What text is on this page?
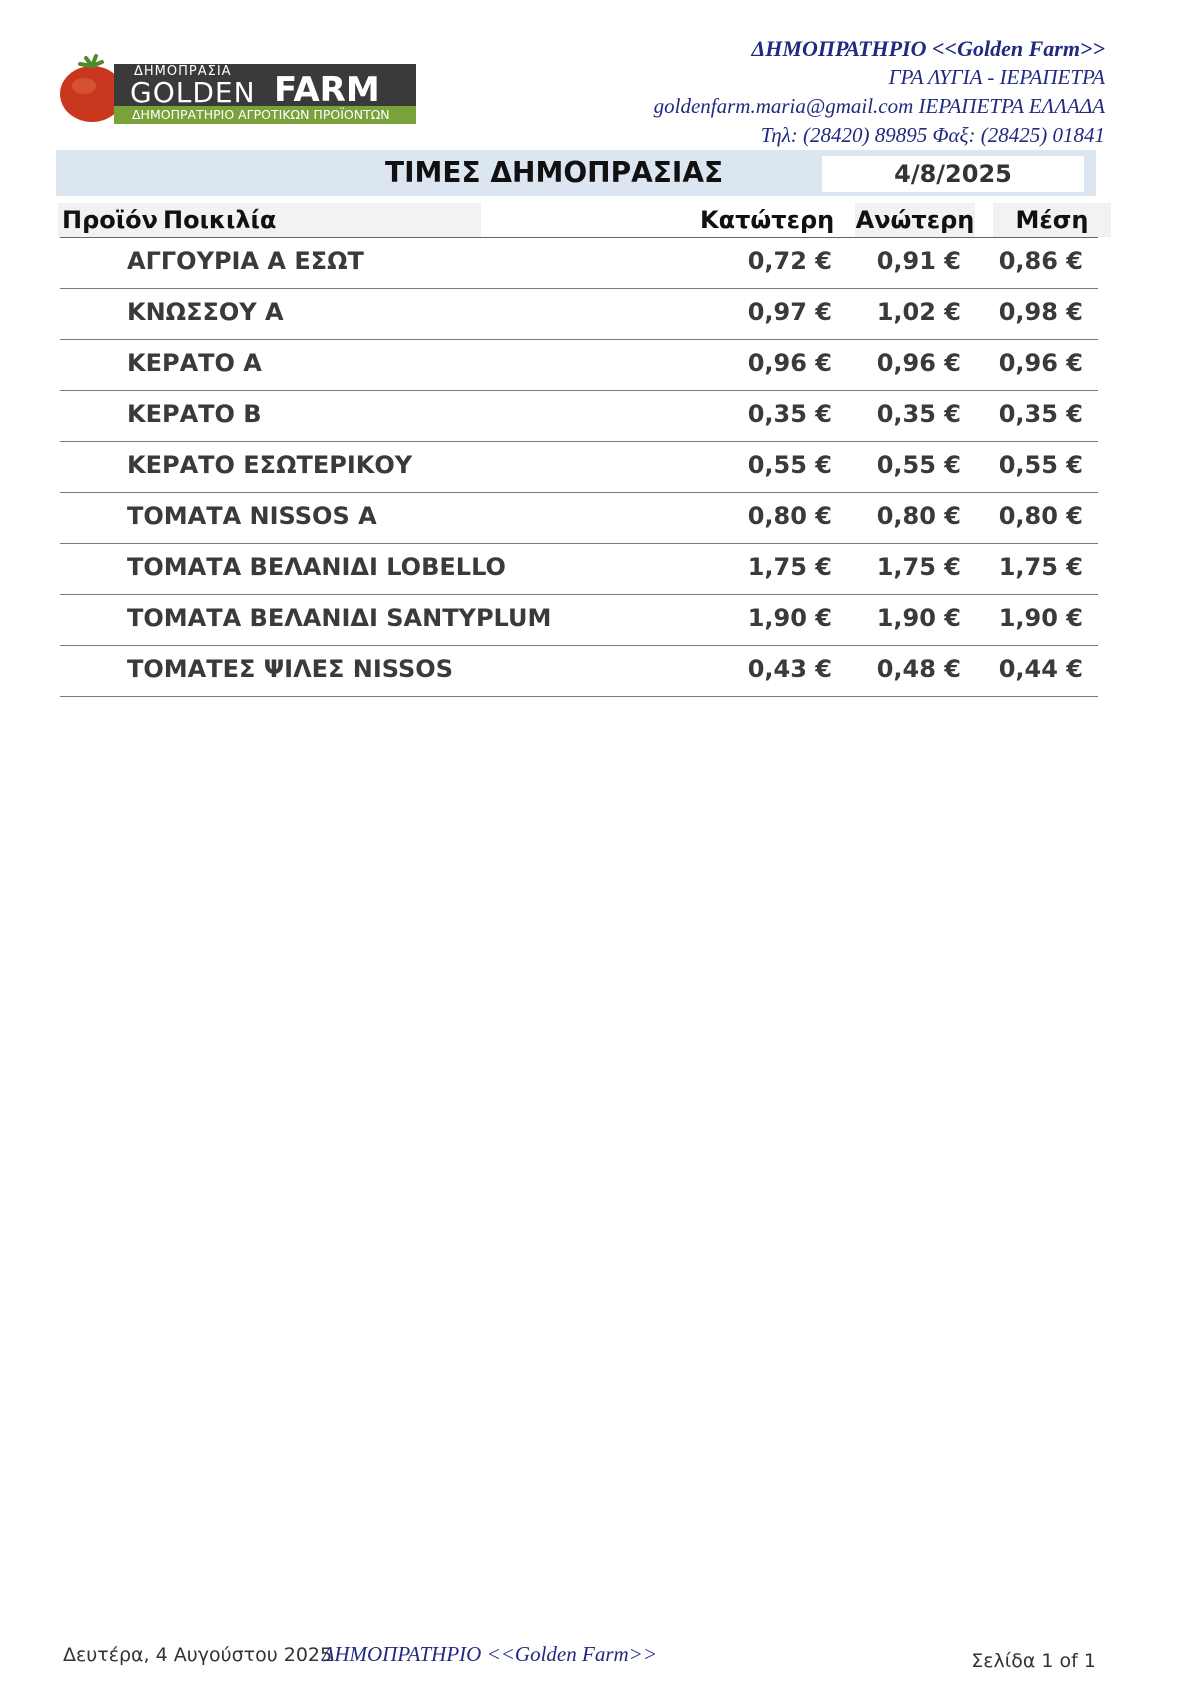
ΔΗΜΟΠΡΑΣΙΑ
GOLDEN FARM
ΔΗΜΟΠΡΑΤΗΡΙΟ ΑΓΡΟΤΙΚΩΝ ΠΡΟΪΟΝΤΩΝ
ΔΗΜΟΠΡΑΤΗΡΙΟ <<Golden Farm>>
ΓΡΑ ΛΥΓΙΑ - ΙΕΡΑΠΕΤΡΑ
goldenfarm.maria@gmail.com ΙΕΡΑΠΕΤΡΑ ΕΛΛΑΔΑ
Τηλ: (28420) 89895 Φαξ: (28425) 01841
ΤΙΜΕΣ ΔΗΜΟΠΡΑΣΙΑΣ	4/8/2025
Προϊόν Ποικιλία	Κατώτερη Ανώτερη	Μέση
ΑΓΓΟΥΡΙΑ Α ΕΣΩΤ	0,72 € 0,91 € 0,86 €
ΚΝΩΣΣΟΥ Α	0,97 € 1,02 € 0,98 €
ΚΕΡΑΤΟ Α	0,96 € 0,96 € 0,96 €
ΚΕΡΑΤΟ Β	0,35 € 0,35 € 0,35 €
ΚΕΡΑΤΟ ΕΣΩΤΕΡΙΚΟΥ	0,55 € 0,55 € 0,55 €
ΤΟΜΑΤΑ NISSOS A	0,80 € 0,80 € 0,80 €
ΤΟΜΑΤΑ ΒΕΛΑΝΙΔΙ LOBELLO	1,75 € 1,75 € 1,75 €
ΤΟΜΑΤΑ ΒΕΛΑΝΙΔΙ SANTYPLUM	1,90 € 1,90 € 1,90 €
ΤΟΜΑΤΕΣ ΨΙΛΕΣ NISSOS	0,43 € 0,48 € 0,44 €
Δευτέρα, 4 Αυγούστου 2025
ΔΗΜΟΠΡΑΤΗΡΙΟ <<Golden Farm>>	Σελίδα 1 of 1
